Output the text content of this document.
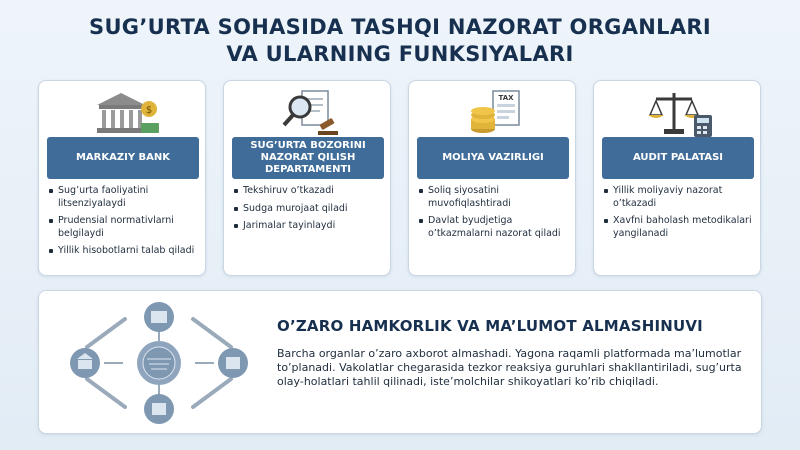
SUG’URTA SOHASIDA TASHQI NAZORAT ORGANLARI
VA ULARNING FUNKSIYALARI
$
MARKAZIY BANK
Sug’urta faoliyatini litsenziyalaydi
Prudensial normativlarni belgilaydi
Yillik hisobotlarni talab qiladi
SUG’URTA BOZORINI NAZORAT QILISH DEPARTAMENTI
Tekshiruv o’tkazadi
Sudga murojaat qiladi
Jarimalar tayinlaydi
TAX
MOLIYA VAZIRLIGI
Soliq siyosatini muvofiqlashtiradi
Davlat byudjetiga o’tkazmalarni nazorat qiladi
AUDIT PALATASI
Yillik moliyaviy nazorat o’tkazadi
Xavfni baholash metodikalari yangilanadi
O’ZARO HAMKORLIK VA MA’LUMOT ALMASHINUVI

Barcha organlar o’zaro axborot almashadi. Yagona raqamli platformada ma’lumotlar to’planadi. Vakolatlar chegarasida tezkor reaksiya guruhlari shakllantiriladi, sug’urta olay-holatlari tahlil qilinadi, iste’molchilar shikoyatlari ko’rib chiqiladi.
